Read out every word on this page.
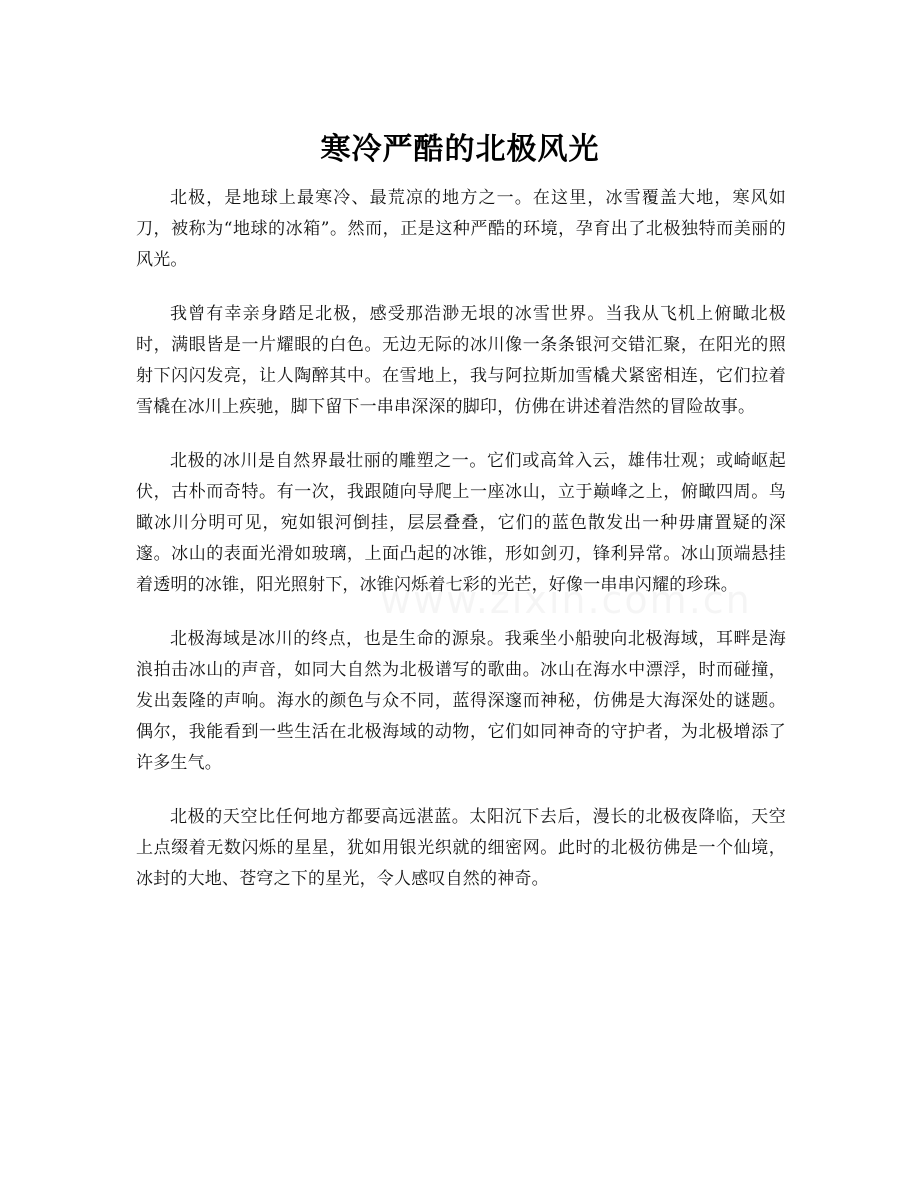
寒冷严酷的北极风光

北极，是地球上最寒冷、最荒凉的地方之一。在这里，冰雪覆盖大地，寒风如刀，被称为“地球的冰箱”。然而，正是这种严酷的环境，孕育出了北极独特而美丽的风光。

我曾有幸亲身踏足北极，感受那浩渺无垠的冰雪世界。当我从飞机上俯瞰北极时，满眼皆是一片耀眼的白色。无边无际的冰川像一条条银河交错汇聚，在阳光的照射下闪闪发亮，让人陶醉其中。在雪地上，我与阿拉斯加雪橇犬紧密相连，它们拉着雪橇在冰川上疾驰，脚下留下一串串深深的脚印，仿佛在讲述着浩然的冒险故事。

北极的冰川是自然界最壮丽的雕塑之一。它们或高耸入云，雄伟壮观；或崎岖起伏，古朴而奇特。有一次，我跟随向导爬上一座冰山，立于巅峰之上，俯瞰四周。鸟瞰冰川分明可见，宛如银河倒挂，层层叠叠，它们的蓝色散发出一种毋庸置疑的深邃。冰山的表面光滑如玻璃，上面凸起的冰锥，形如剑刃，锋利异常。冰山顶端悬挂着透明的冰锥，阳光照射下，冰锥闪烁着七彩的光芒，好像一串串闪耀的珍珠。

北极海域是冰川的终点，也是生命的源泉。我乘坐小船驶向北极海域，耳畔是海浪拍击冰山的声音，如同大自然为北极谱写的歌曲。冰山在海水中漂浮，时而碰撞，发出轰隆的声响。海水的颜色与众不同，蓝得深邃而神秘，仿佛是大海深处的谜题。偶尔，我能看到一些生活在北极海域的动物，它们如同神奇的守护者，为北极增添了许多生气。

北极的天空比任何地方都要高远湛蓝。太阳沉下去后，漫长的北极夜降临，天空上点缀着无数闪烁的星星，犹如用银光织就的细密网。此时的北极彷佛是一个仙境，冰封的大地、苍穹之下的星光，令人感叹自然的神奇。
